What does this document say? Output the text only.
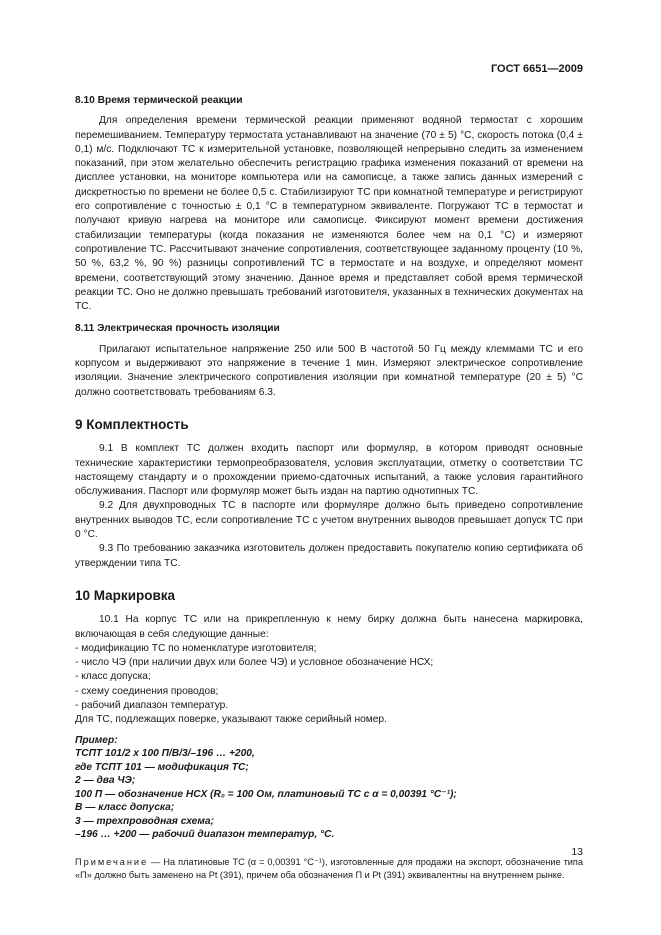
ГОСТ 6651—2009

8.10 Время термической реакции

Для определения времени термической реакции применяют водяной термостат с хорошим перемешиванием. Температуру термостата устанавливают на значение (70 ± 5) °С, скорость потока (0,4 ± 0,1) м/с. Подключают ТС к измерительной установке, позволяющей непрерывно следить за изменением показаний, при этом желательно обеспечить регистрацию графика изменения показаний от времени на дисплее установки, на мониторе компьютера или на самописце, а также запись данных измерений с дискретностью по времени не более 0,5 с. Стабилизируют ТС при комнатной температуре и регистрируют его сопротивление с точностью ± 0,1 °С в температурном эквиваленте. Погружают ТС в термостат и получают кривую нагрева на мониторе или самописце. Фиксируют момент времени достижения стабилизации температуры (когда показания не изменяются более чем на 0,1 °С) и измеряют сопротивление ТС. Рассчитывают значение сопротивления, соответствующее заданному проценту (10 %, 50 %, 63,2 %, 90 %) разницы сопротивлений ТС в термостате и на воздухе, и определяют момент времени, соответствующий этому значению. Данное время и представляет собой время термической реакции ТС. Оно не должно превышать требований изготовителя, указанных в технических документах на ТС.

8.11 Электрическая прочность изоляции

Прилагают испытательное напряжение 250 или 500 В частотой 50 Гц между клеммами ТС и его корпусом и выдерживают это напряжение в течение 1 мин. Измеряют электрическое сопротивление изоляции. Значение электрического сопротивления изоляции при комнатной температуре (20 ± 5) °С должно соответствовать требованиям 6.3.

9 Комплектность

9.1 В комплект ТС должен входить паспорт или формуляр, в котором приводят основные технические характеристики термопреобразователя, условия эксплуатации, отметку о соответствии ТС настоящему стандарту и о прохождении приемо-сдаточных испытаний, а также условия гарантийного обслуживания. Паспорт или формуляр может быть издан на партию однотипных ТС.

9.2 Для двухпроводных ТС в паспорте или формуляре должно быть приведено сопротивление внутренних выводов ТС, если сопротивление ТС с учетом внутренних выводов превышает допуск ТС при 0 °С.

9.3 По требованию заказчика изготовитель должен предоставить покупателю копию сертификата об утверждении типа ТС.

10 Маркировка

10.1 На корпус ТС или на прикрепленную к нему бирку должна быть нанесена маркировка, включающая в себя следующие данные:

- модификацию ТС по номенклатуре изготовителя;
- число ЧЭ (при наличии двух или более ЧЭ) и условное обозначение НСХ;
- класс допуска;
- схему соединения проводов;
- рабочий диапазон температур.

Для ТС, подлежащих поверке, указывают также серийный номер.

Пример:
ТСПТ 101/2 х 100 П/В/3/–196 … +200,
где ТСПТ 101 — модификация ТС;
2 — два ЧЭ;
100 П — обозначение НСХ (R₀ = 100 Ом, платиновый ТС с α = 0,00391 °С⁻¹);
В — класс допуска;
3 — трехпроводная схема;
–196 … +200 — рабочий диапазон температур, °С.

Примечание — На платиновые ТС (α = 0,00391 °С⁻¹), изготовленные для продажи на экспорт, обозначение типа «П» должно быть заменено на Pt (391), причем оба обозначения П и Pt (391) эквивалентны на внутреннем рынке.

13
